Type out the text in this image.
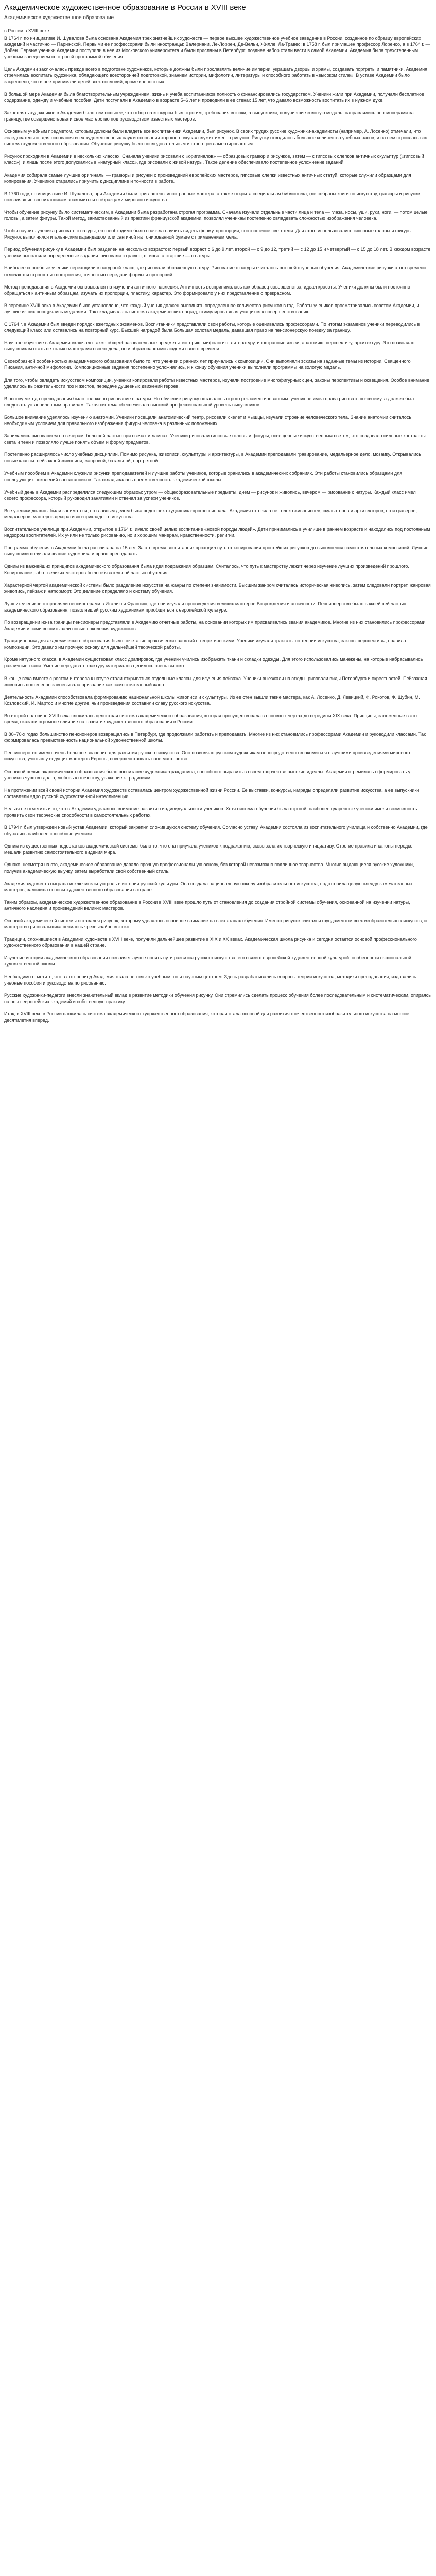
Академическое художественное образование в России в XVIII веке
Академическое художественное образование
в России в XVIII веке

В 1764 г. по инициативе И. Шувалова была основана Академия трех знатнейших художеств — первое высшее художественное учебное заведение в России, созданное по образцу европейских академий и частично — Парижской. Первыми ее профессорами были иностранцы: Валериани, Ле-Лоррен, Де-Вельи, Жилле, Ла-Травес; в 1758 г. был приглашен профессор Лоренсо, а в 1764 г. — Дойен. Первые ученики Академии поступили в нее из Московского университета и были присланы в Петербург; позднее набор стали вести в самой Академии. Академия была трехстепенным учебным заведением со строгой программой обучения.

Цель Академии заключалась прежде всего в подготовке художников, которые должны были прославлять величие империи, украшать дворцы и храмы, создавать портреты и памятники. Академия стремилась воспитать художника, обладающего всесторонней подготовкой, знанием истории, мифологии, литературы и способного работать в «высоком стиле». В уставе Академии было закреплено, что в нее принимали детей всех сословий, кроме крепостных.

В большой мере Академия была благотворительным учреждением, жизнь и учеба воспитанников полностью финансировались государством. Ученики жили при Академии, получали бесплатное содержание, одежду и учебные пособия. Дети поступали в Академию в возрасте 5–6 лет и проводили в ее стенах 15 лет, что давало возможность воспитать их в нужном духе.

Закреплять художников в Академии было тем сильнее, что отбор на конкурсы был строгим, требования высоки, а выпускники, получившие золотую медаль, направлялись пенсионерами за границу, где совершенствовали свое мастерство под руководством известных мастеров.

Основным учебным предметом, которым должны были владеть все воспитанники Академии, был рисунок. В своих трудах русские художники-академисты (например, А. Лосенко) отмечали, что «следовательно, для основания всех художественных наук и основания хорошего вкуса» служит именно рисунок. Рисунку отводилось большое количество учебных часов, и на нем строилась вся система художественного образования. Обучение рисунку было последовательным и строго регламентированным.

Рисунок проходили в Академии в нескольких классах. Сначала ученики рисовали с «оригиналов» — образцовых гравюр и рисунков, затем — с гипсовых слепков античных скульптур («гипсовый класс»), и лишь после этого допускались в «натурный класс», где рисовали с живой натуры. Такое деление обеспечивало постепенное усложнение заданий.

Академия собирала самые лучшие оригиналы — гравюры и рисунки с произведений европейских мастеров, гипсовые слепки известных античных статуй, которые служили образцами для копирования. Учеников старались приучить к дисциплине и точности в работе.

В 1760 году, по инициативе И. Шувалова, при Академии были приглашены иностранные мастера, а также открыта специальная библиотека, где собраны книги по искусству, гравюры и рисунки, позволявшие воспитанникам знакомиться с образцами мирового искусства.

Чтобы обучение рисунку было систематическим, в Академии была разработана строгая программа. Сначала изучали отдельные части лица и тела — глаза, носы, уши, руки, ноги, — потом целые головы, а затем фигуры. Такой метод, заимствованный из практики французской академии, позволял ученикам постепенно овладевать сложностью изображения человека.

Чтобы научить ученика рисовать с натуры, его необходимо было сначала научить видеть форму, пропорции, соотношение светотени. Для этого использовались гипсовые головы и фигуры. Рисунок выполнялся итальянским карандашом или сангиной на тонированной бумаге с применением мела.

Период обучения рисунку в Академии был разделен на несколько возрастов: первый возраст с 6 до 9 лет, второй — с 9 до 12, третий — с 12 до 15 и четвертый — с 15 до 18 лет. В каждом возрасте ученики выполняли определенные задания: рисовали с гравюр, с гипса, а старшие — с натуры.

Наиболее способные ученики переходили в натурный класс, где рисовали обнаженную натуру. Рисование с натуры считалось высшей ступенью обучения. Академические рисунки этого времени отличаются строгостью построения, точностью передачи формы и пропорций.

Метод преподавания в Академии основывался на изучении античного наследия. Античность воспринималась как образец совершенства, идеал красоты. Ученики должны были постоянно обращаться к античным образцам, изучать их пропорции, пластику, характер. Это формировало у них представление о прекрасном.

В середине XVIII века в Академии было установлено, что каждый ученик должен выполнять определенное количество рисунков в год. Работы учеников просматривались советом Академии, и лучшие из них поощрялись медалями. Так складывалась система академических наград, стимулировавшая учащихся к совершенствованию.

С 1764 г. в Академии был введен порядок ежегодных экзаменов. Воспитанники представляли свои работы, которые оценивались профессорами. По итогам экзаменов ученики переводились в следующий класс или оставались на повторный курс. Высшей наградой была Большая золотая медаль, дававшая право на пенсионерскую поездку за границу.

Научное обучение в Академии включало также общеобразовательные предметы: историю, мифологию, литературу, иностранные языки, анатомию, перспективу, архитектуру. Это позволяло выпускникам стать не только мастерами своего дела, но и образованными людьми своего времени.

Своеобразной особенностью академического образования было то, что ученики с ранних лет приучались к композиции. Они выполняли эскизы на заданные темы из истории, Священного Писания, античной мифологии. Композиционные задания постепенно усложнялись, и к концу обучения ученики выполняли программы на золотую медаль.

Для того, чтобы овладеть искусством композиции, ученики копировали работы известных мастеров, изучали построение многофигурных сцен, законы перспективы и освещения. Особое внимание уделялось выразительности поз и жестов, передаче душевных движений героев.

В основу метода преподавания было положено рисование с натуры. Но обучение рисунку оставалось строго регламентированным: ученик не имел права рисовать по-своему, а должен был следовать установленным правилам. Такая система обеспечивала высокий профессиональный уровень выпускников.

Большое внимание уделялось изучению анатомии. Ученики посещали анатомический театр, рисовали скелет и мышцы, изучали строение человеческого тела. Знание анатомии считалось необходимым условием для правильного изображения фигуры человека в различных положениях.

Занимались рисованием по вечерам, большей частью при свечах и лампах. Ученики рисовали гипсовые головы и фигуры, освещенные искусственным светом, что создавало сильные контрасты света и тени и позволяло лучше понять объем и форму предметов.

Постепенно расширялось число учебных дисциплин. Помимо рисунка, живописи, скульптуры и архитектуры, в Академии преподавали гравирование, медальерное дело, мозаику. Открывались новые классы: пейзажной живописи, жанровой, батальной, портретной.

Учебным пособием в Академии служили рисунки преподавателей и лучшие работы учеников, которые хранились в академических собраниях. Эти работы становились образцами для последующих поколений воспитанников. Так складывалась преемственность академической школы.

Учебный день в Академии распределялся следующим образом: утром — общеобразовательные предметы, днем — рисунок и живопись, вечером — рисование с натуры. Каждый класс имел своего профессора, который руководил занятиями и отвечал за успехи учеников.

Все ученики должны были заниматься, но главным делом была подготовка художника-профессионала. Академия готовила не только живописцев, скульпторов и архитекторов, но и граверов, медальеров, мастеров декоративно-прикладного искусства.

Воспитательное училище при Академии, открытое в 1764 г., имело своей целью воспитание «новой породы людей». Дети принимались в училище в раннем возрасте и находились под постоянным надзором воспитателей. Их учили не только рисованию, но и хорошим манерам, нравственности, религии.

Программа обучения в Академии была рассчитана на 15 лет. За это время воспитанник проходил путь от копирования простейших рисунков до выполнения самостоятельных композиций. Лучшие выпускники получали звание художника и право преподавать.

Одним из важнейших принципов академического образования была идея подражания образцам. Считалось, что путь к мастерству лежит через изучение лучших произведений прошлого. Копирование работ великих мастеров было обязательной частью обучения.

Характерной чертой академической системы было разделение искусства на жанры по степени значимости. Высшим жанром считалась историческая живопись, затем следовали портрет, жанровая живопись, пейзаж и натюрморт. Это деление определяло и систему обучения.

Лучших учеников отправляли пенсионерами в Италию и Францию, где они изучали произведения великих мастеров Возрождения и античности. Пенсионерство было важнейшей частью академического образования, позволявшей русским художникам приобщиться к европейской культуре.

По возвращении из-за границы пенсионеры представляли в Академию отчетные работы, на основании которых им присваивались звания академиков. Многие из них становились профессорами Академии и сами воспитывали новые поколения художников.

Традиционным для академического образования было сочетание практических занятий с теоретическими. Ученики изучали трактаты по теории искусства, законы перспективы, правила композиции. Это давало им прочную основу для дальнейшей творческой работы.

Кроме натурного класса, в Академии существовал класс драпировок, где ученики учились изображать ткани и складки одежды. Для этого использовались манекены, на которые набрасывались различные ткани. Умение передавать фактуру материалов ценилось очень высоко.

В конце века вместе с ростом интереса к натуре стали открываться отдельные классы для изучения пейзажа. Ученики выезжали на этюды, рисовали виды Петербурга и окрестностей. Пейзажная живопись постепенно завоевывала признание как самостоятельный жанр.

Деятельность Академии способствовала формированию национальной школы живописи и скульптуры. Из ее стен вышли такие мастера, как А. Лосенко, Д. Левицкий, Ф. Рокотов, Ф. Шубин, М. Козловский, И. Мартос и многие другие, чьи произведения составили славу русского искусства.

Во второй половине XVIII века сложилась целостная система академического образования, которая просуществовала в основных чертах до середины XIX века. Принципы, заложенные в это время, оказали огромное влияние на развитие художественного образования в России.

В 80–70-х годах большинство пенсионеров возвращались в Петербург, где продолжали работать и преподавать. Многие из них становились профессорами Академии и руководили классами. Так формировалась преемственность национальной художественной школы.

Пенсионерство имело очень большое значение для развития русского искусства. Оно позволяло русским художникам непосредственно знакомиться с лучшими произведениями мирового искусства, учиться у ведущих мастеров Европы, совершенствовать свое мастерство.

Основной целью академического образования было воспитание художника-гражданина, способного выразить в своем творчестве высокие идеалы. Академия стремилась сформировать у учеников чувство долга, любовь к отечеству, уважение к традициям.

На протяжении всей своей истории Академия художеств оставалась центром художественной жизни России. Ее выставки, конкурсы, награды определяли развитие искусства, а ее выпускники составляли ядро русской художественной интеллигенции.

Нельзя не отметить и то, что в Академии уделялось внимание развитию индивидуальности учеников. Хотя система обучения была строгой, наиболее одаренные ученики имели возможность проявить свои творческие способности в самостоятельных работах.

В 1794 г. был утвержден новый устав Академии, который закрепил сложившуюся систему обучения. Согласно уставу, Академия состояла из воспитательного училища и собственно Академии, где обучались наиболее способные ученики.

Одним из существенных недостатков академической системы было то, что она приучала учеников к подражанию, сковывала их творческую инициативу. Строгие правила и каноны нередко мешали развитию самостоятельного видения мира.

Однако, несмотря на это, академическое образование давало прочную профессиональную основу, без которой невозможно подлинное творчество. Многие выдающиеся русские художники, получив академическую выучку, затем выработали свой собственный стиль.

Академия художеств сыграла исключительную роль в истории русской культуры. Она создала национальную школу изобразительного искусства, подготовила целую плеяду замечательных мастеров, заложила основы художественного образования в стране.

Таким образом, академическое художественное образование в России в XVIII веке прошло путь от становления до создания стройной системы обучения, основанной на изучении натуры, античного наследия и произведений великих мастеров.

Основой академической системы оставался рисунок, которому уделялось основное внимание на всех этапах обучения. Именно рисунок считался фундаментом всех изобразительных искусств, и мастерство рисовальщика ценилось чрезвычайно высоко.

Традиции, сложившиеся в Академии художеств в XVIII веке, получили дальнейшее развитие в XIX и XX веках. Академическая школа рисунка и сегодня остается основой профессионального художественного образования в нашей стране.

Изучение истории академического образования позволяет лучше понять пути развития русского искусства, его связи с европейской художественной культурой, особенности национальной художественной школы.

Необходимо отметить, что в этот период Академия стала не только учебным, но и научным центром. Здесь разрабатывались вопросы теории искусства, методики преподавания, издавались учебные пособия и руководства по рисованию.

Русские художники-педагоги внесли значительный вклад в развитие методики обучения рисунку. Они стремились сделать процесс обучения более последовательным и систематическим, опираясь на опыт европейских академий и собственную практику.

Итак, в XVIII веке в России сложилась система академического художественного образования, которая стала основой для развития отечественного изобразительного искусства на многие десятилетия вперед.
